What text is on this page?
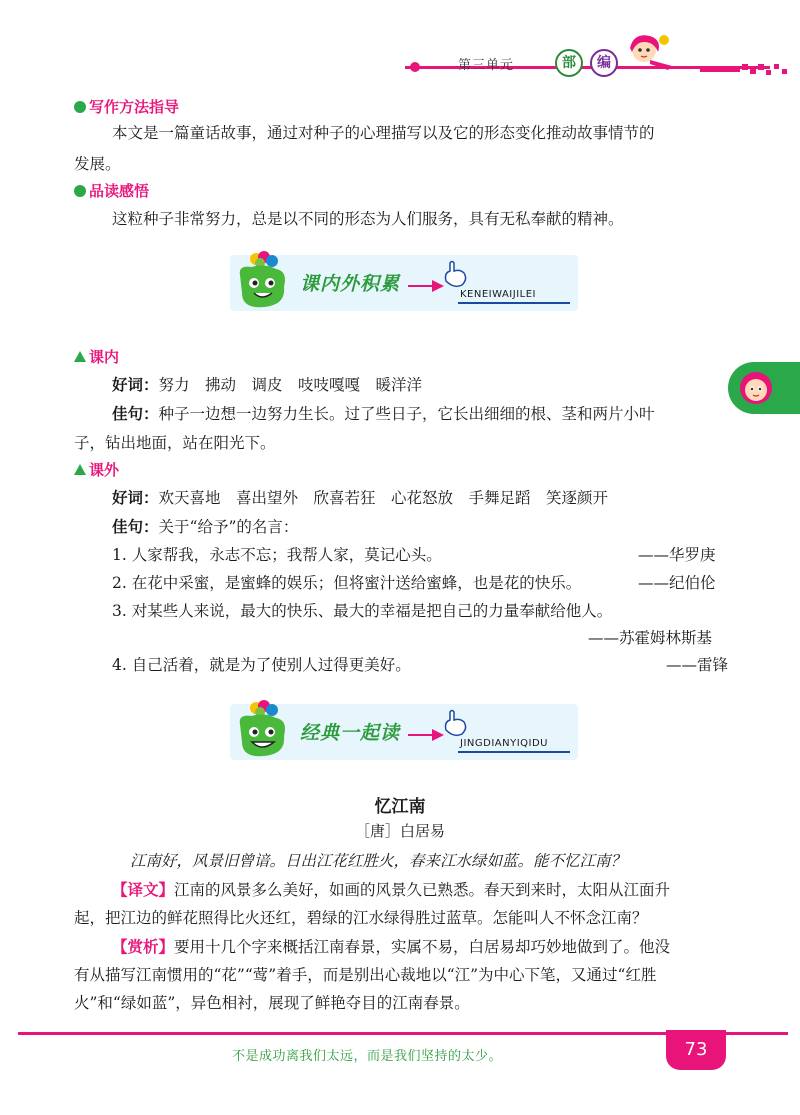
第三单元	部	编
写作方法指导
本文是一篇童话故事，通过对种子的心理描写以及它的形态变化推动故事情节的
发展。
品读感悟
这粒种子非常努力，总是以不同的形态为人们服务，具有无私奉献的精神。
课内外积累	KENEIWAIJILEI
课内
好词：努力　拂动　调皮　吱吱嘎嘎　暖洋洋
佳句：种子一边想一边努力生长。过了些日子，它长出细细的根、茎和两片小叶
子，钻出地面，站在阳光下。
课外
好词：欢天喜地　喜出望外　欣喜若狂　心花怒放　手舞足蹈　笑逐颜开
佳句：关于“给予”的名言：
1. 人家帮我，永志不忘；我帮人家，莫记心头。	——华罗庚
2. 在花中采蜜，是蜜蜂的娱乐；但将蜜汁送给蜜蜂，也是花的快乐。	——纪伯伦
3. 对某些人来说，最大的快乐、最大的幸福是把自己的力量奉献给他人。
——苏霍姆林斯基
4. 自己活着，就是为了使别人过得更美好。	——雷锋
经典一起读	JINGDIANYIQIDU
忆江南
［唐］白居易
江南好，风景旧曾谙。日出江花红胜火，春来江水绿如蓝。能不忆江南？
【译文】江南的风景多么美好，如画的风景久已熟悉。春天到来时，太阳从江面升
起，把江边的鲜花照得比火还红，碧绿的江水绿得胜过蓝草。怎能叫人不怀念江南？
【赏析】要用十几个字来概括江南春景，实属不易，白居易却巧妙地做到了。他没
有从描写江南惯用的“花”“莺”着手，而是别出心裁地以“江”为中心下笔，又通过“红胜
火”和“绿如蓝”，异色相衬，展现了鲜艳夺目的江南春景。
不是成功离我们太远，而是我们坚持的太少。	73
